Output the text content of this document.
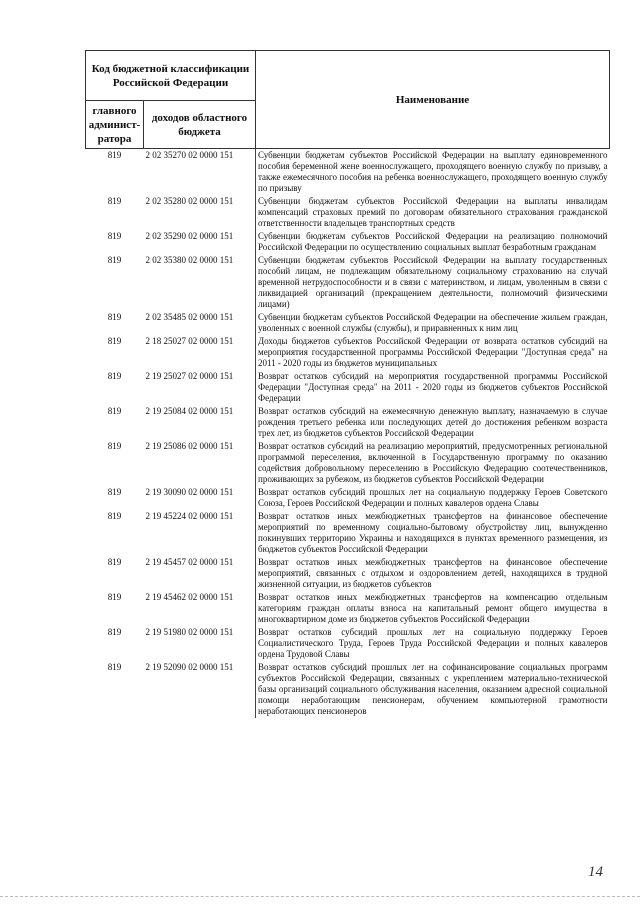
Код бюджетной классификации Российской Федерации		Наименование
главного админист-ратора	доходов областного бюджета	
819	2 02 35270 02 0000 151	Субвенции бюджетам субъектов Российской Федерации на выплату единовременного пособия беременной жене военнослужащего, проходящего военную службу по призыву, а также ежемесячного пособия на ребенка военнослужащего, проходящего военную службу по призыву
819	2 02 35280 02 0000 151	Субвенции бюджетам субъектов Российской Федерации на выплаты инвалидам компенсаций страховых премий по договорам обязательного страхования гражданской ответственности владельцев транспортных средств
819	2 02 35290 02 0000 151	Субвенции бюджетам субъектов Российской Федерации на реализацию полномочий Российской Федерации по осуществлению социальных выплат безработным гражданам
819	2 02 35380 02 0000 151	Субвенции бюджетам субъектов Российской Федерации на выплату государственных пособий лицам, не подлежащим обязательному социальному страхованию на случай временной нетрудоспособности и в связи с материнством, и лицам, уволенным в связи с ликвидацией организаций (прекращением деятельности, полномочий физическими лицами)
819	2 02 35485 02 0000 151	Субвенции бюджетам субъектов Российской Федерации на обеспечение жильем граждан, уволенных с военной службы (службы), и приравненных к ним лиц
819	2 18 25027 02 0000 151	Доходы бюджетов субъектов Российской Федерации от возврата остатков субсидий на мероприятия государственной программы Российской Федерации "Доступная среда" на 2011 - 2020 годы из бюджетов муниципальных
819	2 19 25027 02 0000 151	Возврат остатков субсидий на мероприятия государственной программы Российской Федерации "Доступная среда" на 2011 - 2020 годы из бюджетов субъектов Российской Федерации
819	2 19 25084 02 0000 151	Возврат остатков субсидий на ежемесячную денежную выплату, назначаемую в случае рождения третьего ребенка или последующих детей до достижения ребенком возраста трех лет, из бюджетов субъектов Российской Федерации
819	2 19 25086 02 0000 151	Возврат остатков субсидий на реализацию мероприятий, предусмотренных региональной программой переселения, включенной в Государственную программу по оказанию содействия добровольному переселению в Российскую Федерацию соотечественников, проживающих за рубежом, из бюджетов субъектов Российской Федерации
819	2 19 30090 02 0000 151	Возврат остатков субсидий прошлых лет на социальную поддержку Героев Советского Союза, Героев Российской Федерации и полных кавалеров ордена Славы
819	2 19 45224 02 0000 151	Возврат остатков иных межбюджетных трансфертов на финансовое обеспечение мероприятий по временному социально-бытовому обустройству лиц, вынужденно покинувших территорию Украины и находящихся в пунктах временного размещения, из бюджетов субъектов Российской Федерации
819	2 19 45457 02 0000 151	Возврат остатков иных межбюджетных трансфертов на финансовое обеспечение мероприятий, связанных с отдыхом и оздоровлением детей, находящихся в трудной жизненной ситуации, из бюджетов субъектов
819	2 19 45462 02 0000 151	Возврат остатков иных межбюджетных трансфертов на компенсацию отдельным категориям граждан оплаты взноса на капитальный ремонт общего имущества в многоквартирном доме из бюджетов субъектов Российской Федерации
819	2 19 51980 02 0000 151	Возврат остатков субсидий прошлых лет на социальную поддержку Героев Социалистического Труда, Героев Труда Российской Федерации и полных кавалеров ордена Трудовой Славы
819	2 19 52090 02 0000 151	Возврат остатков субсидий прошлых лет на софинансирование социальных программ субъектов Российской Федерации, связанных с укреплением материально-технической базы организаций социального обслуживания населения, оказанием адресной социальной помощи неработающим пенсионерам, обучением компьютерной грамотности неработающих пенсионеров
14
